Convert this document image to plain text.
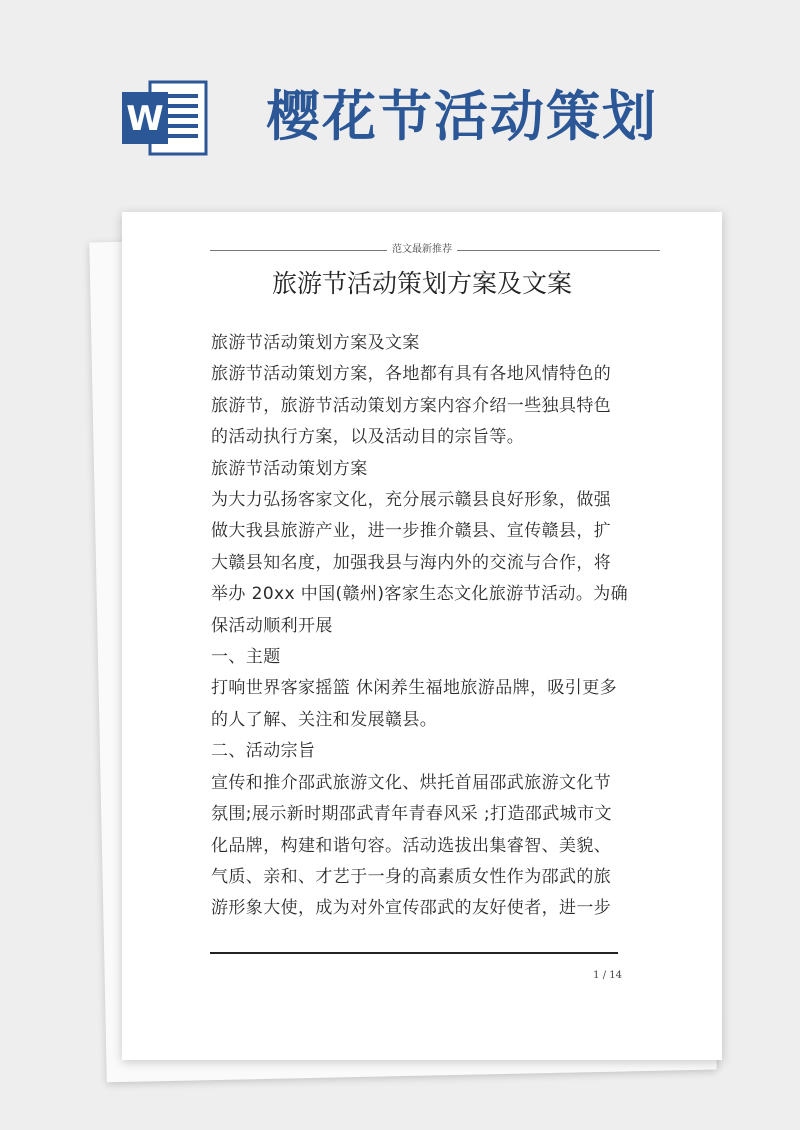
W 樱花节活动策划
范文最新推荐
旅游节活动策划方案及文案
旅游节活动策划方案及文案
旅游节活动策划方案，各地都有具有各地风情特色的
旅游节，旅游节活动策划方案内容介绍一些独具特色
的活动执行方案，以及活动目的宗旨等。
旅游节活动策划方案
为大力弘扬客家文化，充分展示赣县良好形象，做强
做大我县旅游产业，进一步推介赣县、宣传赣县，扩
大赣县知名度，加强我县与海内外的交流与合作，将
举办 20xx 中国(赣州)客家生态文化旅游节活动。为确
保活动顺利开展
一、主题
打响世界客家摇篮 休闲养生福地旅游品牌，吸引更多
的人了解、关注和发展赣县。
二、活动宗旨
宣传和推介邵武旅游文化、烘托首届邵武旅游文化节
氛围;展示新时期邵武青年青春风采 ;打造邵武城市文
化品牌，构建和谐句容。活动选拔出集睿智、美貌、
气质、亲和、才艺于一身的高素质女性作为邵武的旅
游形象大使，成为对外宣传邵武的友好使者，进一步
1 / 14
